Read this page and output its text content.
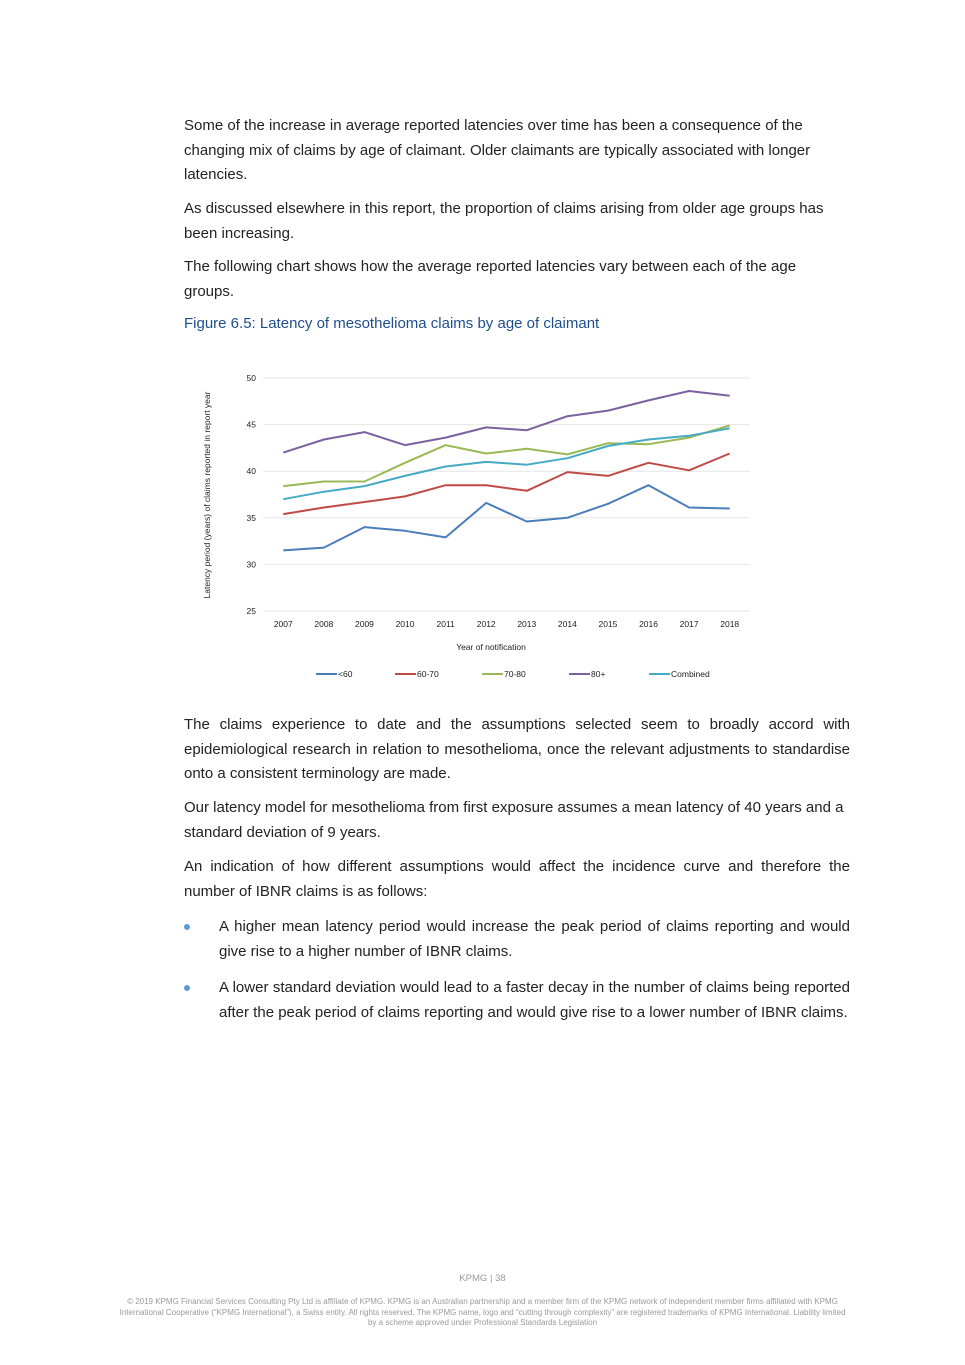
Some of the increase in average reported latencies over time has been a consequence of the changing mix of claims by age of claimant. Older claimants are typically associated with longer latencies.

As discussed elsewhere in this report, the proportion of claims arising from older age groups has been increasing.

The following chart shows how the average reported latencies vary between each of the age groups.

Figure 6.5: Latency of mesothelioma claims by age of claimant

25
30
35
40
45
50
2007	2008	2009	2010	2011	2012	2013	2014	2015	2016	2017	2018
Latency period (years) of claims reported in report year
Year of notification
<60	60-70	70-80	80+	Combined

The claims experience to date and the assumptions selected seem to broadly accord with epidemiological research in relation to mesothelioma, once the relevant adjustments to standardise onto a consistent terminology are made.

Our latency model for mesothelioma from first exposure assumes a mean latency of 40 years and a standard deviation of 9 years.

An indication of how different assumptions would affect the incidence curve and therefore the number of IBNR claims is as follows:

A higher mean latency period would increase the peak period of claims reporting and would give rise to a higher number of IBNR claims.
A lower standard deviation would lead to a faster decay in the number of claims being reported after the peak period of claims reporting and would give rise to a lower number of IBNR claims.
KPMG | 38
© 2019 KPMG Financial Services Consulting Pty Ltd is affiliate of KPMG. KPMG is an Australian partnership and a member firm of the KPMG network of independent member firms affiliated with KPMG International Cooperative (“KPMG International”), a Swiss entity. All rights reserved. The KPMG name, logo and “cutting through complexity” are registered trademarks of KPMG International. Liability limited by a scheme approved under Professional Standards Legislation
